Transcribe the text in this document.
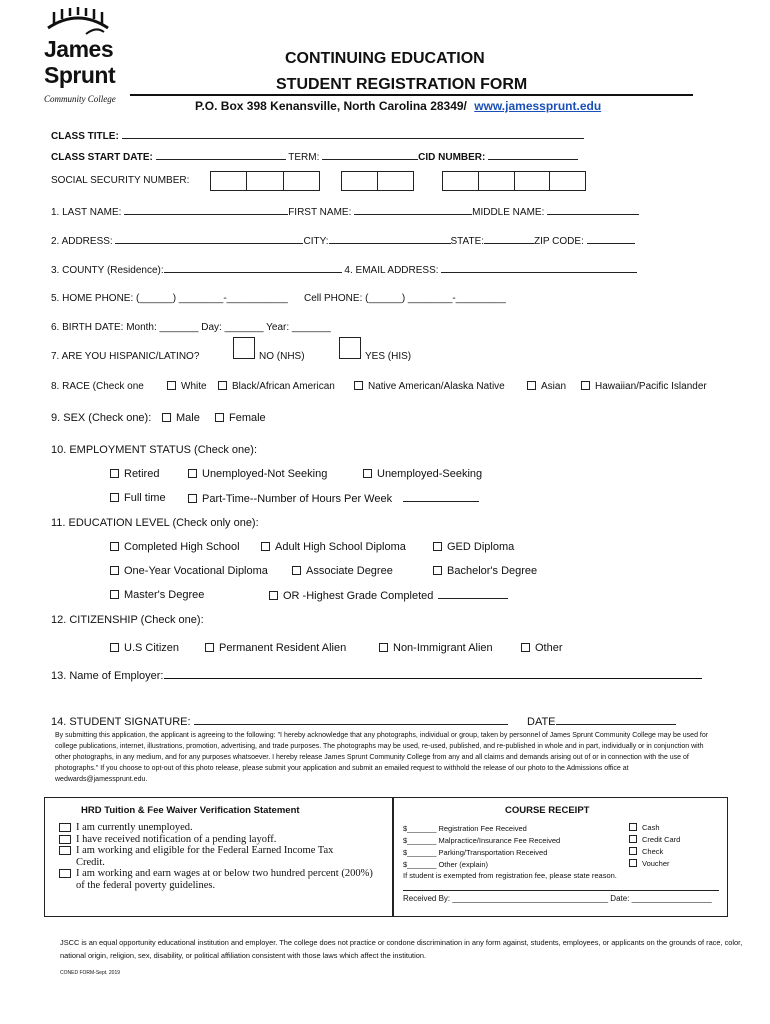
James
Sprunt
Community College
CONTINUING EDUCATION
STUDENT REGISTRATION FORM
P.O. Box 398 Kenansville, North Carolina 28349/ www.jamessprunt.edu
CLASS TITLE:
CLASS START DATE:	TERM:	CID NUMBER:
SOCIAL SECURITY NUMBER:
1. LAST NAME:	FIRST NAME:	MIDDLE NAME:
2. ADDRESS:	CITY:	STATE:	ZIP CODE:
3. COUNTY (Residence):	4. EMAIL ADDRESS:
5. HOME PHONE: (______) ________-___________ Cell PHONE: (______) ________-_________
6. BIRTH DATE: Month: _______ Day: _______ Year: _______
7. ARE YOU HISPANIC/LATINO?	NO (NHS)	YES (HIS)
8. RACE (Check one	White	Black/African American	Native American/Alaska Native	Asian	Hawaiian/Pacific Islander
9. SEX (Check one):	Male	Female
10. EMPLOYMENT STATUS (Check one):
Retired	Unemployed-Not Seeking	Unemployed-Seeking
Full time	Part-Time--Number of Hours Per Week
11. EDUCATION LEVEL (Check only one):
Completed High School	Adult High School Diploma	GED Diploma
One-Year Vocational Diploma	Associate Degree	Bachelor's Degree
Master's Degree	OR -Highest Grade Completed
12. CITIZENSHIP (Check one):
U.S Citizen	Permanent Resident Alien	Non-Immigrant Alien	Other
13. Name of Employer:
14. STUDENT SIGNATURE:	DATE
By submitting this application, the applicant is agreeing to the following: "I hereby acknowledge that any photographs, individual or group, taken by personnel of James Sprunt Community College may be used for college publications, internet, illustrations, promotion, advertising, and trade purposes. The photographs may be used, re-used, published, and re-published in whole and in part, individually or in conjunction with other photographs, in any medium, and for any purposes whatsoever. I hereby release James Sprunt Community College from any and all claims and demands arising out of or in connection with the use of photographs." If you choose to opt-out of this photo release, please submit your application and submit an emailed request to withhold the release of our photo to the Admissions office at wedwards@jamessprunt.edu.
HRD Tuition & Fee Waiver Verification Statement
I am currently unemployed.
I have received notification of a pending layoff.
I am working and eligible for the Federal Earned Income Tax Credit.
I am working and earn wages at or below two hundred percent (200%) of the federal poverty guidelines.
COURSE RECEIPT
$_______ Registration Fee Received
$_______ Malpractice/Insurance Fee Received
$_______ Parking/Transportation Received
$_______ Other (explain)
Cash
Credit Card
Check
Voucher
If student is exempted from registration fee, please state reason.
Received By: ___________________________________ Date: __________________
JSCC is an equal opportunity educational institution and employer. The college does not practice or condone discrimination in any form against, students, employees, or applicants on the grounds of race, color, national origin, religion, sex, disability, or political affiliation consistent with those laws which affect the institution.
CONED FORM-Sept. 2019
